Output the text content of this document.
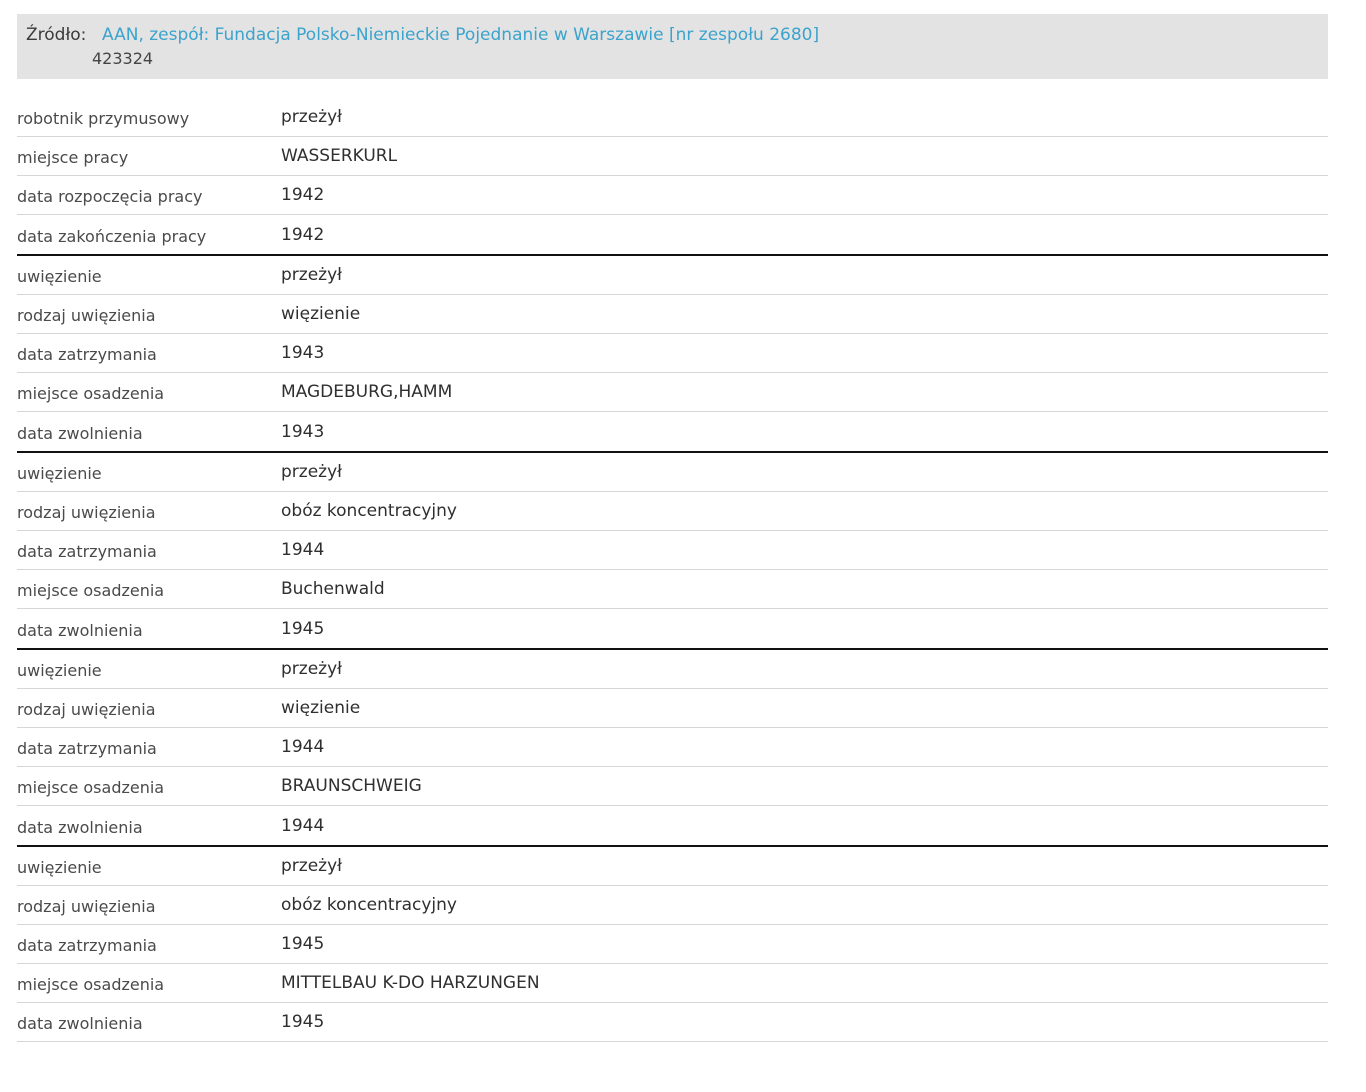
Źródło: AAN, zespół: Fundacja Polsko-Niemieckie Pojednanie w Warszawie [nr zespołu 2680]
423324
robotnik przymusowy	przeżył
miejsce pracy	WASSERKURL
data rozpoczęcia pracy	1942
data zakończenia pracy	1942
uwięzienie	przeżył
rodzaj uwięzienia	więzienie
data zatrzymania	1943
miejsce osadzenia	MAGDEBURG,HAMM
data zwolnienia	1943
uwięzienie	przeżył
rodzaj uwięzienia	obóz koncentracyjny
data zatrzymania	1944
miejsce osadzenia	Buchenwald
data zwolnienia	1945
uwięzienie	przeżył
rodzaj uwięzienia	więzienie
data zatrzymania	1944
miejsce osadzenia	BRAUNSCHWEIG
data zwolnienia	1944
uwięzienie	przeżył
rodzaj uwięzienia	obóz koncentracyjny
data zatrzymania	1945
miejsce osadzenia	MITTELBAU K-DO HARZUNGEN
data zwolnienia	1945
